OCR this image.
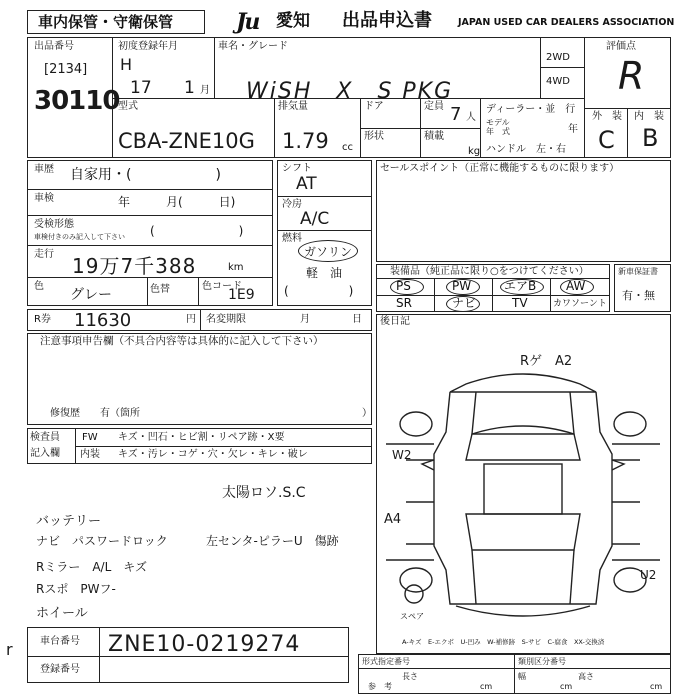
車内保管・守衛保管	Ju	愛知 出品申込書	JAPAN USED CAR DEALERS ASSOCIATION
出品番号
[2134]
30110
初度登録年月
H
17 1 月
車名・グレード
WiSH　X　S PKG
2WD
4WD
評価点
R
外　装 内　装
C B
型式
CBA-ZNE10G
排気量
1.79 cc
ドア
形状
定員 7 人
積載
kg
ディーラー・並　行
モデル
年　式	年
ハンドル　左・右
車歴 自家用・(　　　　　　)
車検	年　　　月(　　　日)
受検形態
車検付きのみ記入して下さい (　　　　　　　)
走行 19万7千388	km
色
グレー	色替	色コード
1E9
シフト
AT
冷房
A/C
燃料
ガソリン
軽　油
(　　　　　)
セールスポイント（正常に機能するものに限ります）
装備品（純正品に限り○をつけてください）
PS	PW	エアB AW
SR	ナビ	TV	カワソーント
新車保証書
有・無
R券 11630	円 名変期限	月	日
注意事項申告欄（不具合内容等は具体的に記入して下さい）
修復歴　　有（箇所	）
後日記
Rゲ　A2
W2
A4
U2
スペア
A-キズ　E-エクボ　U-凹み　W-補修跡　S-サビ　C-腐食　XX-交換済
検査員
記入欄
FW キズ・凹石・ヒビ割・リペア跡・X要
内装 キズ・汚レ・コゲ・穴・欠レ・キレ・破レ
太陽ロソ.S.C
バッテリー
ナビ　パスワードロック	左センタ-ピラーU　傷跡
Rミラー　A/L　キズ
Rスポ　PWフ-
ホイール
車台番号 ZNE10-0219274
登録番号
形式指定番号	類別区分番号
長さ
cm
幅
cm
高さ
cm
参　考
r
